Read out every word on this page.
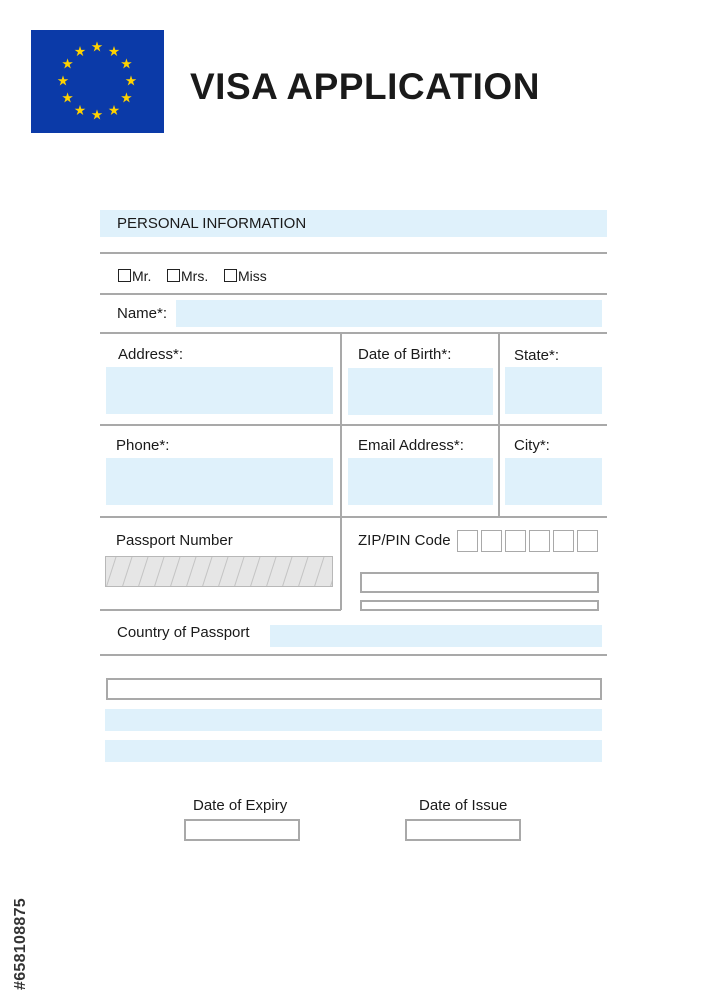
VISA APPLICATION
PERSONAL INFORMATION
Mr.	Mrs.	Miss
Name*:
Address*:	Date of Birth*:	State*:
Phone*:	Email Address*:	City*:
Passport Number	ZIP/PIN Code
Country of Passport
Date of Expiry	Date of Issue
#658108875
